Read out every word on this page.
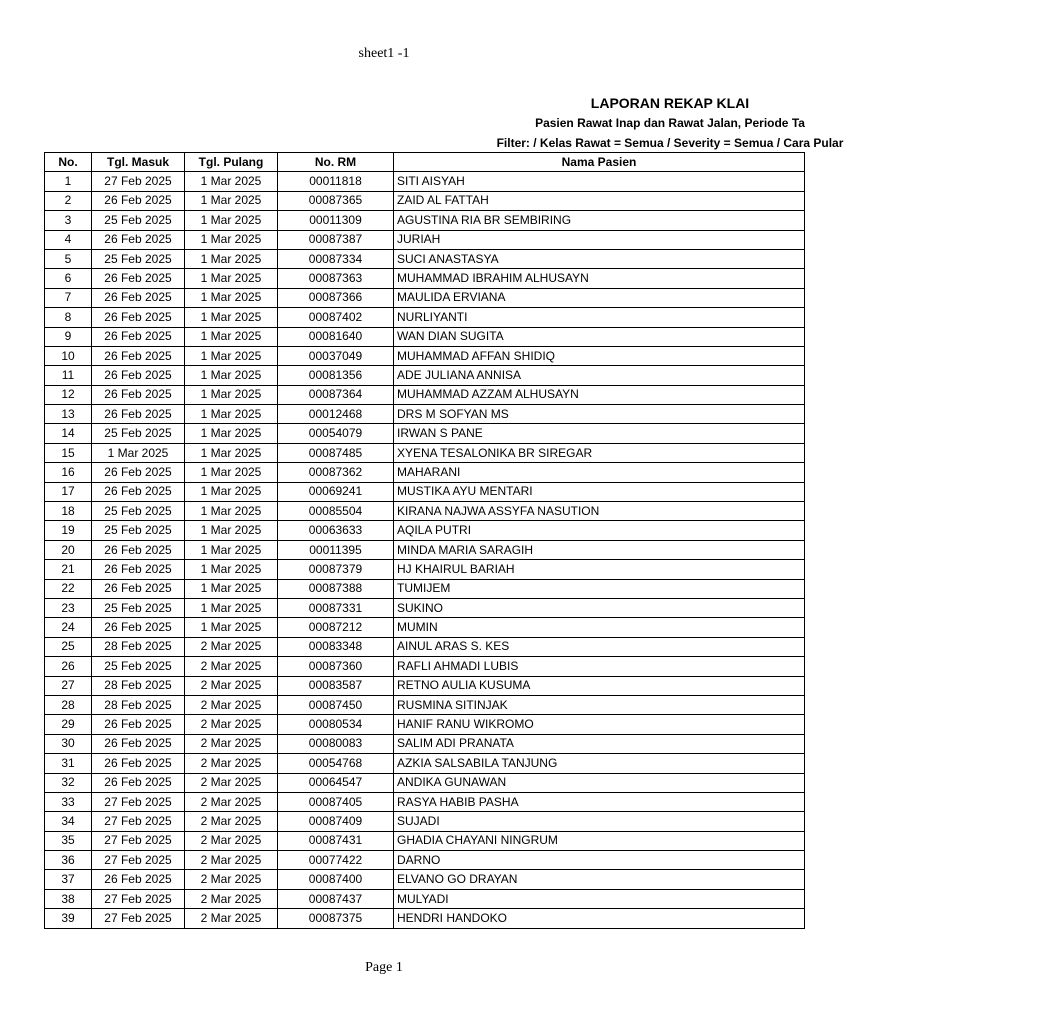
sheet1 -1
LAPORAN REKAP KLAI
Pasien Rawat Inap dan Rawat Jalan, Periode Ta
Filter: / Kelas Rawat = Semua / Severity = Semua / Cara Pular
No.	Tgl. Masuk	Tgl. Pulang	No. RM	Nama Pasien
1	27 Feb 2025	1 Mar 2025	00011818	SITI AISYAH
2	26 Feb 2025	1 Mar 2025	00087365	ZAID AL FATTAH
3	25 Feb 2025	1 Mar 2025	00011309	AGUSTINA RIA BR SEMBIRING
4	26 Feb 2025	1 Mar 2025	00087387	JURIAH
5	25 Feb 2025	1 Mar 2025	00087334	SUCI ANASTASYA
6	26 Feb 2025	1 Mar 2025	00087363	MUHAMMAD IBRAHIM ALHUSAYN
7	26 Feb 2025	1 Mar 2025	00087366	MAULIDA ERVIANA
8	26 Feb 2025	1 Mar 2025	00087402	NURLIYANTI
9	26 Feb 2025	1 Mar 2025	00081640	WAN DIAN SUGITA
10	26 Feb 2025	1 Mar 2025	00037049	MUHAMMAD AFFAN SHIDIQ
11	26 Feb 2025	1 Mar 2025	00081356	ADE JULIANA ANNISA
12	26 Feb 2025	1 Mar 2025	00087364	MUHAMMAD AZZAM ALHUSAYN
13	26 Feb 2025	1 Mar 2025	00012468	DRS M SOFYAN MS
14	25 Feb 2025	1 Mar 2025	00054079	IRWAN S PANE
15	1 Mar 2025	1 Mar 2025	00087485	XYENA TESALONIKA BR SIREGAR
16	26 Feb 2025	1 Mar 2025	00087362	MAHARANI
17	26 Feb 2025	1 Mar 2025	00069241	MUSTIKA AYU MENTARI
18	25 Feb 2025	1 Mar 2025	00085504	KIRANA NAJWA ASSYFA NASUTION
19	25 Feb 2025	1 Mar 2025	00063633	AQILA PUTRI
20	26 Feb 2025	1 Mar 2025	00011395	MINDA MARIA SARAGIH
21	26 Feb 2025	1 Mar 2025	00087379	HJ KHAIRUL BARIAH
22	26 Feb 2025	1 Mar 2025	00087388	TUMIJEM
23	25 Feb 2025	1 Mar 2025	00087331	SUKINO
24	26 Feb 2025	1 Mar 2025	00087212	MUMIN
25	28 Feb 2025	2 Mar 2025	00083348	AINUL ARAS S. KES
26	25 Feb 2025	2 Mar 2025	00087360	RAFLI AHMADI LUBIS
27	28 Feb 2025	2 Mar 2025	00083587	RETNO AULIA KUSUMA
28	28 Feb 2025	2 Mar 2025	00087450	RUSMINA SITINJAK
29	26 Feb 2025	2 Mar 2025	00080534	HANIF RANU WIKROMO
30	26 Feb 2025	2 Mar 2025	00080083	SALIM ADI PRANATA
31	26 Feb 2025	2 Mar 2025	00054768	AZKIA SALSABILA TANJUNG
32	26 Feb 2025	2 Mar 2025	00064547	ANDIKA GUNAWAN
33	27 Feb 2025	2 Mar 2025	00087405	RASYA HABIB PASHA
34	27 Feb 2025	2 Mar 2025	00087409	SUJADI
35	27 Feb 2025	2 Mar 2025	00087431	GHADIA CHAYANI NINGRUM
36	27 Feb 2025	2 Mar 2025	00077422	DARNO
37	26 Feb 2025	2 Mar 2025	00087400	ELVANO GO DRAYAN
38	27 Feb 2025	2 Mar 2025	00087437	MULYADI
39	27 Feb 2025	2 Mar 2025	00087375	HENDRI HANDOKO
Page 1
